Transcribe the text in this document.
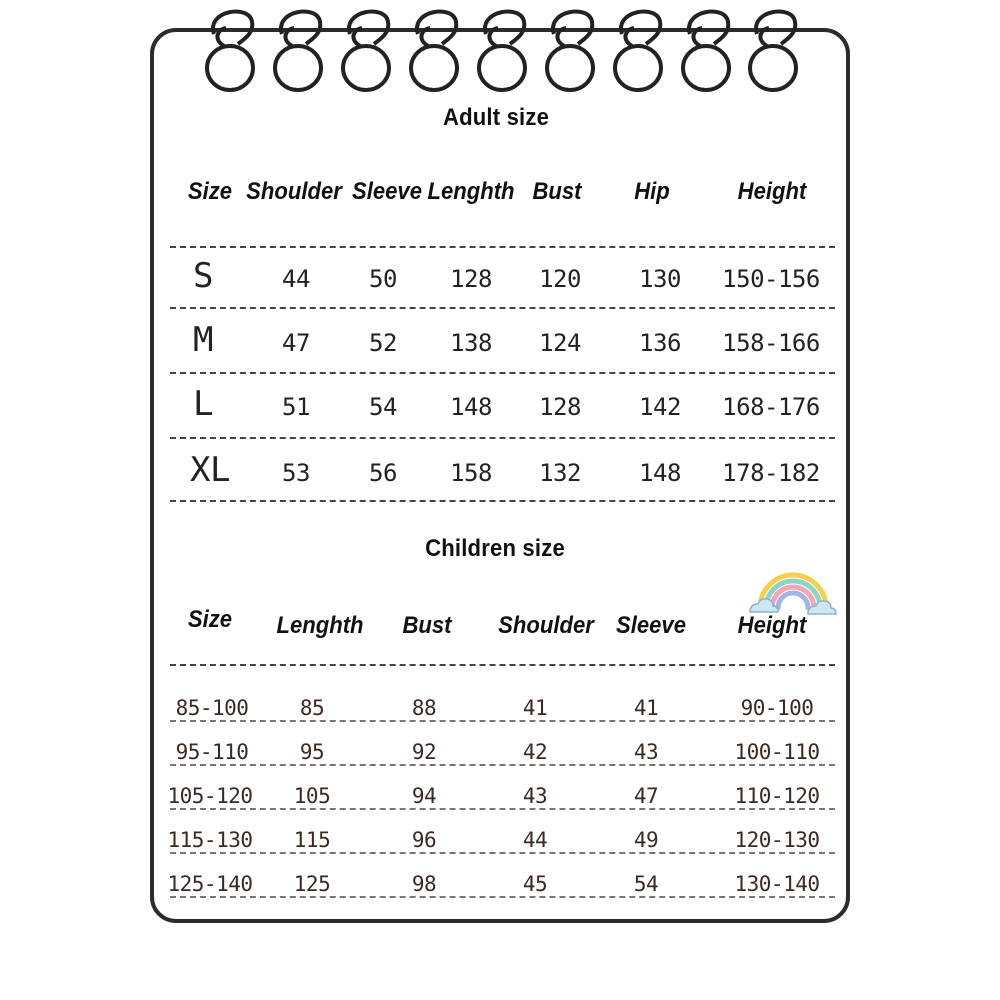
Adult size
Size Shoulder Sleeve Lenghth Bust Hip	Height
S	44 50 128 120 130 150-156
M	47 52 138 124 136 158-166
L	51 54 148 128 142 168-176
XL 53 56 158 132 148 178-182
Children size
Size Lenghth Bust Shoulder Sleeve Height
85-100 85	88	41	41	90-100
95-110 95	92	42	43	100-110
105-120 105	94	43	47	110-120
115-130 115	96	44	49	120-130
125-140 125	98	45	54	130-140
